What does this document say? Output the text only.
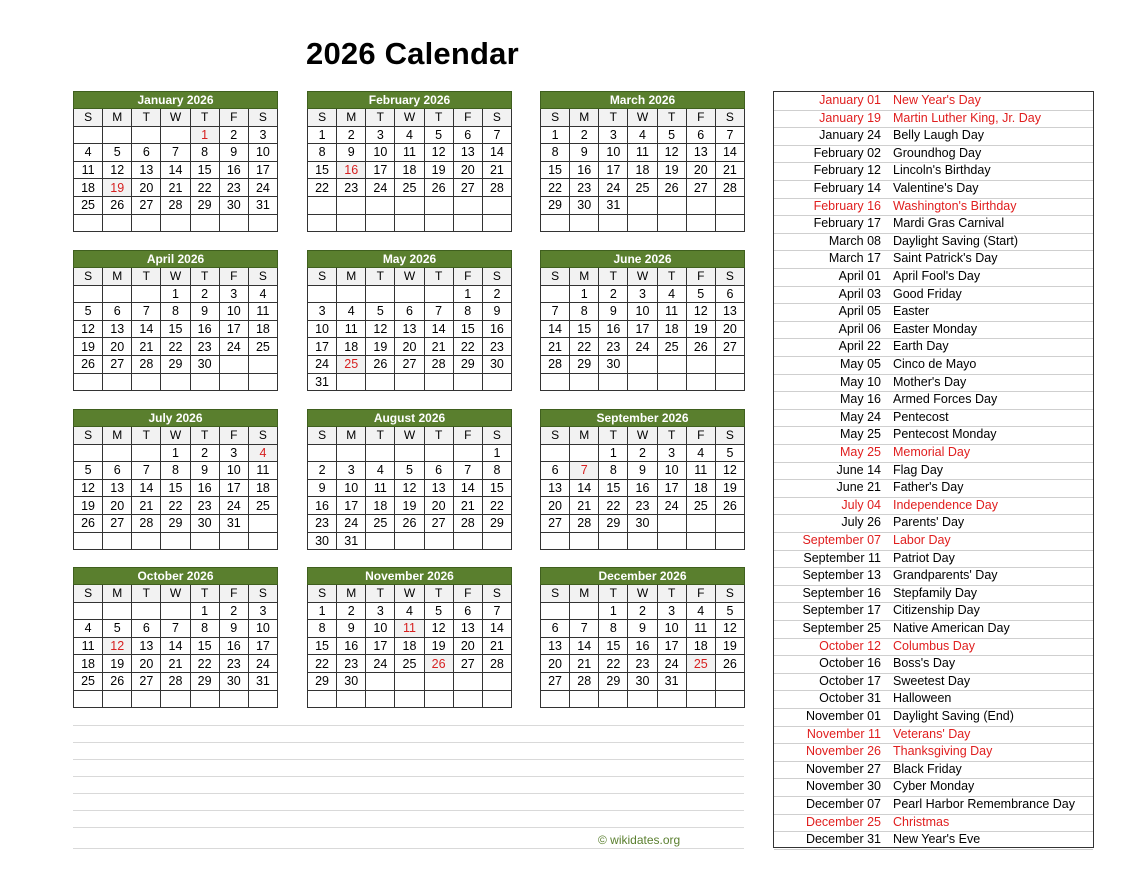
2026 Calendar
January 2026						
S	M	T	W	T	F	S
				1	2	3
4	5	6	7	8	9	10
11	12	13	14	15	16	17
18	19	20	21	22	23	24
25	26	27	28	29	30	31

February 2026						
S	M	T	W	T	F	S
1	2	3	4	5	6	7
8	9	10	11	12	13	14
15	16	17	18	19	20	21
22	23	24	25	26	27	28

March 2026						
S	M	T	W	T	F	S
1	2	3	4	5	6	7
8	9	10	11	12	13	14
15	16	17	18	19	20	21
22	23	24	25	26	27	28
29	30	31				

April 2026						
S	M	T	W	T	F	S
			1	2	3	4
5	6	7	8	9	10	11
12	13	14	15	16	17	18
19	20	21	22	23	24	25
26	27	28	29	30		

May 2026						
S	M	T	W	T	F	S
					1	2
3	4	5	6	7	8	9
10	11	12	13	14	15	16
17	18	19	20	21	22	23
24	25	26	27	28	29	30
31						
June 2026						
S	M	T	W	T	F	S
	1	2	3	4	5	6
7	8	9	10	11	12	13
14	15	16	17	18	19	20
21	22	23	24	25	26	27
28	29	30				

July 2026						
S	M	T	W	T	F	S
			1	2	3	4
5	6	7	8	9	10	11
12	13	14	15	16	17	18
19	20	21	22	23	24	25
26	27	28	29	30	31	

August 2026						
S	M	T	W	T	F	S
						1
2	3	4	5	6	7	8
9	10	11	12	13	14	15
16	17	18	19	20	21	22
23	24	25	26	27	28	29
30	31					
September 2026						
S	M	T	W	T	F	S
		1	2	3	4	5
6	7	8	9	10	11	12
13	14	15	16	17	18	19
20	21	22	23	24	25	26
27	28	29	30			

October 2026						
S	M	T	W	T	F	S
				1	2	3
4	5	6	7	8	9	10
11	12	13	14	15	16	17
18	19	20	21	22	23	24
25	26	27	28	29	30	31

November 2026						
S	M	T	W	T	F	S
1	2	3	4	5	6	7
8	9	10	11	12	13	14
15	16	17	18	19	20	21
22	23	24	25	26	27	28
29	30					

December 2026						
S	M	T	W	T	F	S
		1	2	3	4	5
6	7	8	9	10	11	12
13	14	15	16	17	18	19
20	21	22	23	24	25	26
27	28	29	30	31		

© wikidates.org
January 01 New Year's Day
January 19 Martin Luther King, Jr. Day
January 24 Belly Laugh Day
February 02 Groundhog Day
February 12 Lincoln's Birthday
February 14 Valentine's Day
February 16 Washington's Birthday
February 17 Mardi Gras Carnival
March 08 Daylight Saving (Start)
March 17 Saint Patrick's Day
April 01 April Fool's Day
April 03 Good Friday
April 05 Easter
April 06 Easter Monday
April 22 Earth Day
May 05 Cinco de Mayo
May 10 Mother's Day
May 16 Armed Forces Day
May 24 Pentecost
May 25 Pentecost Monday
May 25 Memorial Day
June 14 Flag Day
June 21 Father's Day
July 04 Independence Day
July 26 Parents' Day
September 07 Labor Day
September 11 Patriot Day
September 13 Grandparents' Day
September 16 Stepfamily Day
September 17 Citizenship Day
September 25 Native American Day
October 12 Columbus Day
October 16 Boss's Day
October 17 Sweetest Day
October 31 Halloween
November 01 Daylight Saving (End)
November 11 Veterans' Day
November 26 Thanksgiving Day
November 27 Black Friday
November 30 Cyber Monday
December 07 Pearl Harbor Remembrance Day
December 25 Christmas
December 31 New Year's Eve
